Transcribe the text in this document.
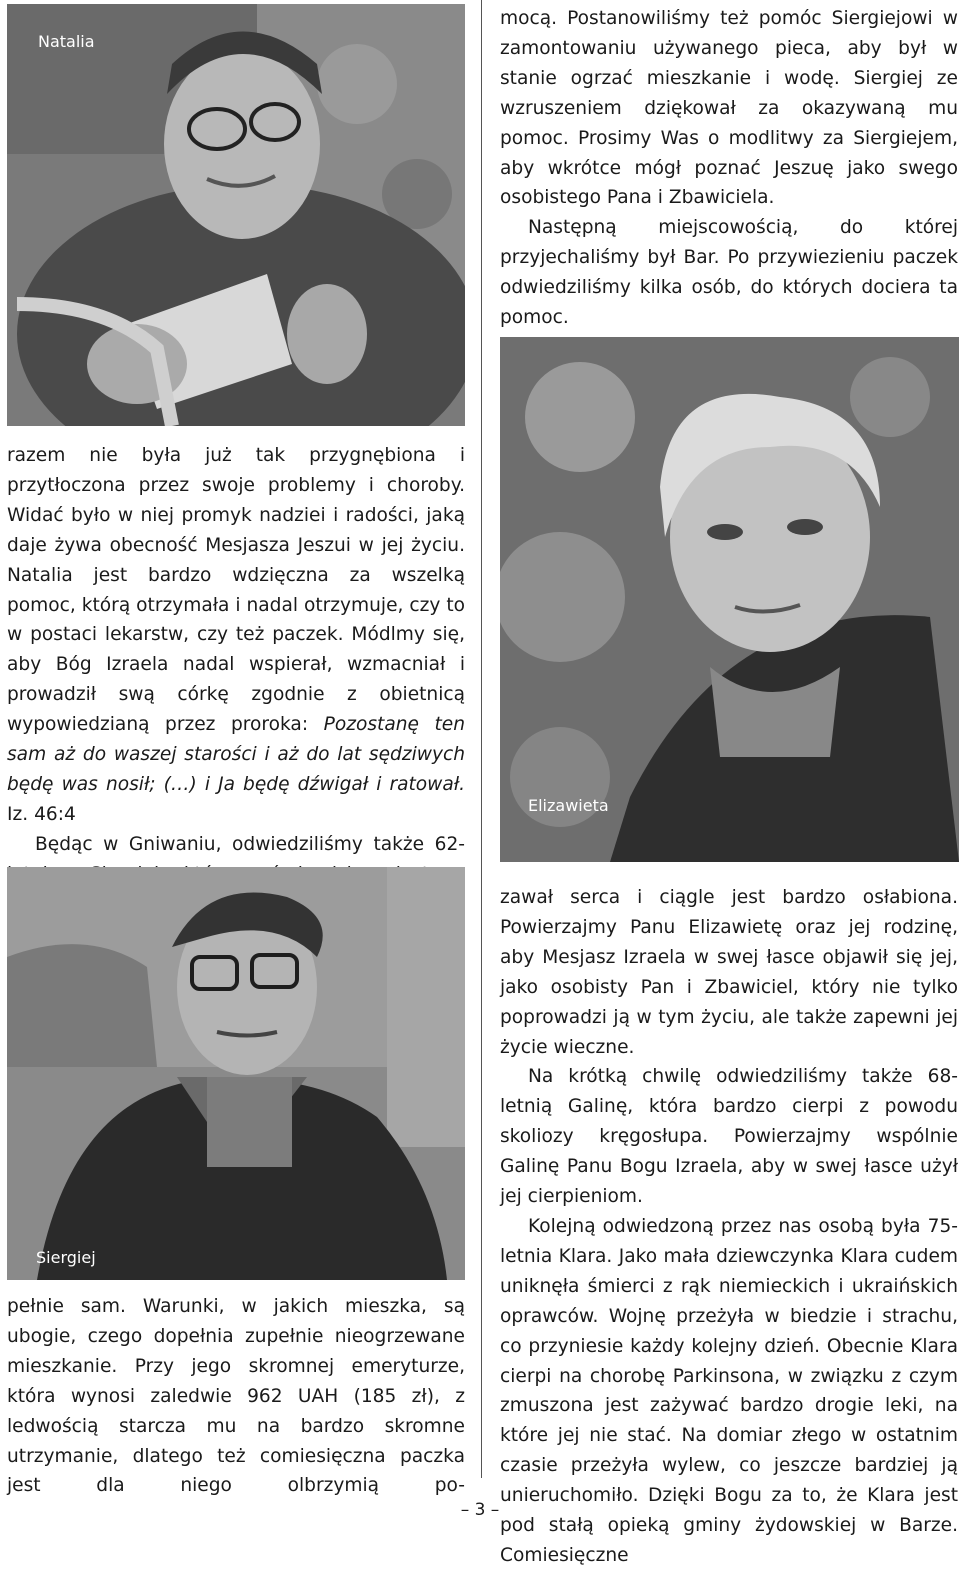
Natalia

mocą. Postanowiliśmy też pomóc Siergiejowi w zamontowaniu używanego pieca, aby był w stanie ogrzać mieszkanie i wodę. Siergiej ze wzruszeniem dziękował za okazywaną mu pomoc. Prosimy Was o modlitwy za Siergiejem, aby wkrótce mógł poznać Jeszuę jako swego osobistego Pana i Zbawiciela.

Następną miejscowością, do której przyjechaliśmy był Bar. Po przywiezieniu paczek odwiedziliśmy kilka osób, do których dociera ta pomoc.

Elizawieta

razem nie była już tak przygnębiona i przytłoczona przez swoje problemy i choroby. Widać było w niej promyk nadziei i radości, jaką daje żywa obecność Mesjasza Jeszui w jej życiu. Natalia jest bardzo wdzięczna za wszelką pomoc, którą otrzymała i nadal otrzymuje, czy to w postaci lekarstw, czy też paczek. Módlmy się, aby Bóg Izraela nadal wspierał, wzmacniał i prowadził swą córkę zgodnie z obietnicą wypowiedzianą przez proroka: Pozostanę ten sam aż do waszej starości i aż do lat sędziwych będę was nosił; (…) i Ja będę dźwigał i ratował. Iz. 46:4

Będąc w Gniwaniu, odwiedziliśmy także 62-

Siergiej

pełnie sam. Warunki, w jakich mieszka, są ubogie, czego dopełnia zupełnie nieogrzewane mieszkanie. Przy jego skromnej emeryturze, która wynosi zaledwie 962 UAH (185 zł), z ledwością starcza mu na bardzo skromne utrzymanie, dlatego też comiesięczna paczka jest dla niego olbrzymią po-

zawał serca i ciągle jest bardzo osłabiona. Powierzajmy Panu Elizawietę oraz jej rodzinę, aby Mesjasz Izraela w swej łasce objawił się jej, jako osobisty Pan i Zbawiciel, który nie tylko poprowadzi ją w tym życiu, ale także zapewni jej życie wieczne.

Na krótką chwilę odwiedziliśmy także 68-letnią Galinę, która bardzo cierpi z powodu skoliozy kręgosłupa. Powierzajmy wspólnie Galinę Panu Bogu Izraela, aby w swej łasce użył jej cierpieniom.

Kolejną odwiedzoną przez nas osobą była 75-letnia Klara. Jako mała dziewczynka Klara cudem uniknęła śmierci z rąk niemieckich i ukraińskich oprawców. Wojnę przeżyła w biedzie i strachu, co przyniesie każdy kolejny dzień. Obecnie Klara cierpi na chorobę Parkinsona, w związku z czym zmuszona jest zażywać bardzo drogie leki, na które jej nie stać. Na domiar złego w ostatnim czasie przeżyła wylew, co jeszcze bardziej ją unieruchomiło. Dzięki Bogu za to, że Klara jest pod stałą opieką gminy żydowskiej w Barze. Comiesięczne

– 3 –
